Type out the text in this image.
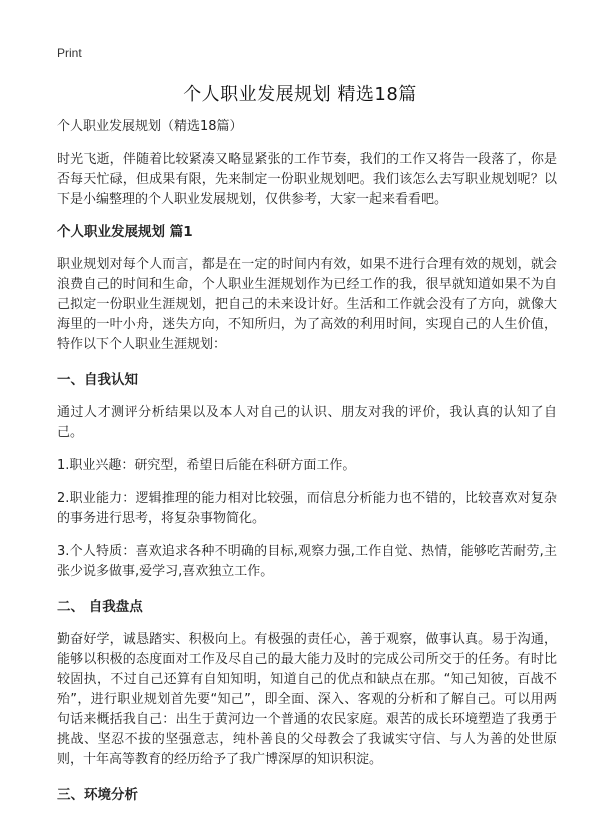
Print
个人职业发展规划 精选18篇
个人职业发展规划（精选18篇）

时光飞逝，伴随着比较紧凑又略显紧张的工作节奏，我们的工作又将告一段落了，你是否每天忙碌，但成果有限，先来制定一份职业规划吧。我们该怎么去写职业规划呢？以下是小编整理的个人职业发展规划，仅供参考，大家一起来看看吧。

个人职业发展规划 篇1

职业规划对每个人而言，都是在一定的时间内有效，如果不进行合理有效的规划，就会浪费自己的时间和生命，个人职业生涯规划作为已经工作的我，很早就知道如果不为自己拟定一份职业生涯规划，把自己的未来设计好。生活和工作就会没有了方向，就像大海里的一叶小舟，迷失方向，不知所归，为了高效的利用时间，实现自己的人生价值，特作以下个人职业生涯规划：

一、自我认知

通过人才测评分析结果以及本人对自己的认识、朋友对我的评价，我认真的认知了自己。

1.职业兴趣：研究型，希望日后能在科研方面工作。

2.职业能力：逻辑推理的能力相对比较强，而信息分析能力也不错的，比较喜欢对复杂的事务进行思考，将复杂事物简化。

3.个人特质：喜欢追求各种不明确的目标,观察力强,工作自觉、热情，能够吃苦耐劳,主张少说多做事,爱学习,喜欢独立工作。

二、 自我盘点

勤奋好学，诚恳踏实、积极向上。有极强的责任心，善于观察，做事认真。易于沟通，能够以积极的态度面对工作及尽自己的最大能力及时的完成公司所交于的任务。有时比较固执，不过自己还算有自知知明，知道自己的优点和缺点在那。“知己知彼，百战不殆”，进行职业规划首先要“知己”，即全面、深入、客观的分析和了解自己。可以用两句话来概括我自己：出生于黄河边一个普通的农民家庭。艰苦的成长环境塑造了我勇于挑战、坚忍不拔的坚强意志，纯朴善良的父母教会了我诚实守信、与人为善的处世原则，十年高等教育的经历给予了我广博深厚的知识积淀。

三、环境分析
